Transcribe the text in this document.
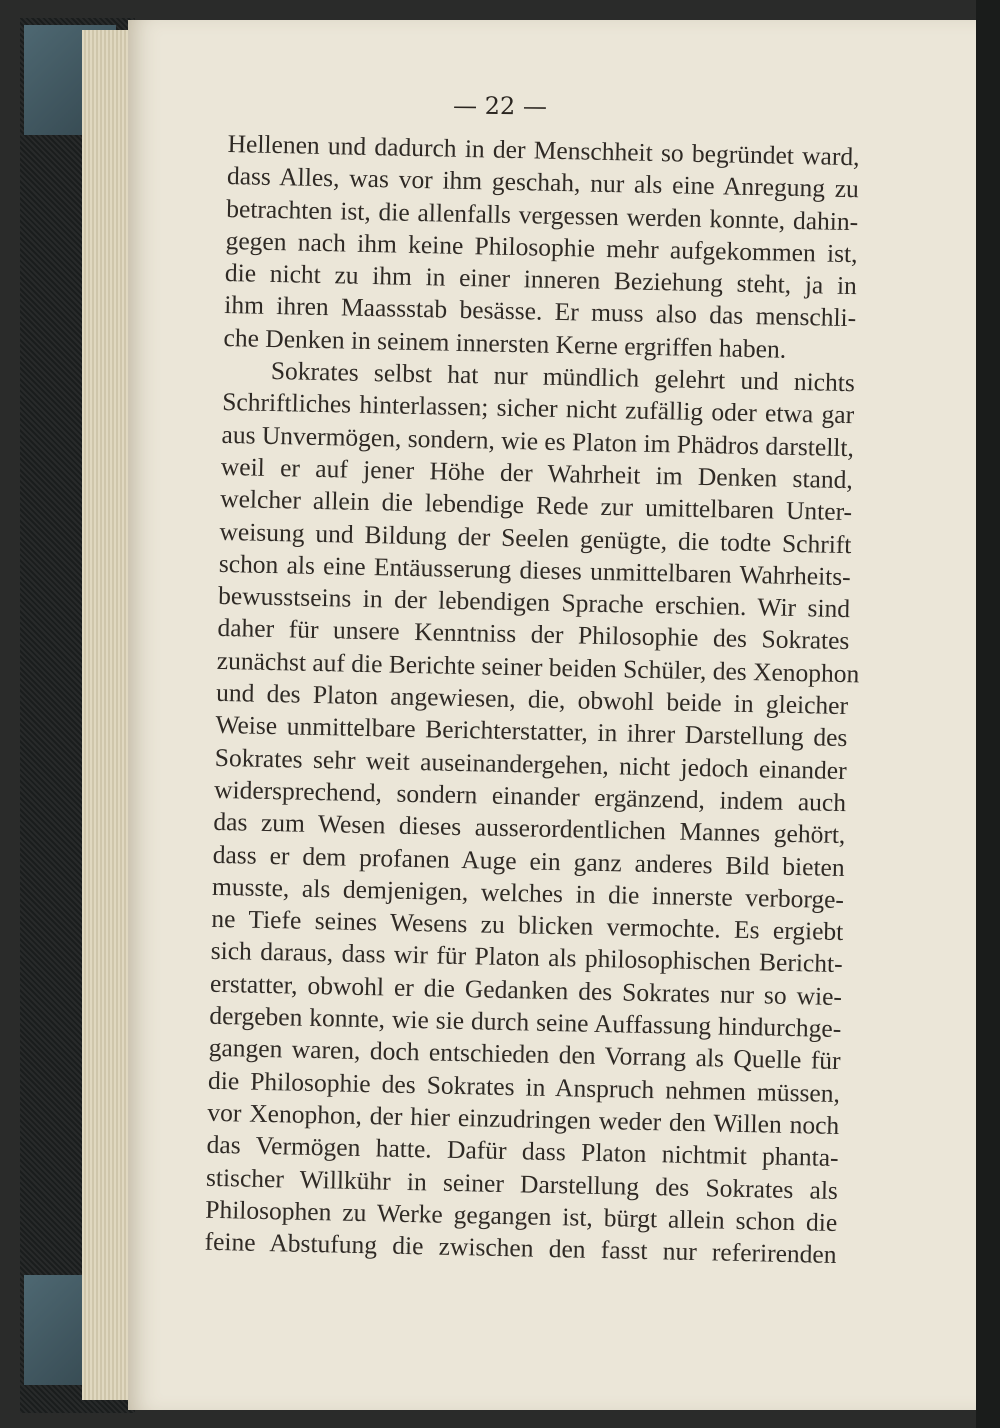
— 22 —
Hellenen und dadurch in der Menschheit so begründet ward,
dass Alles, was vor ihm geschah, nur als eine Anregung zu
betrachten ist, die allenfalls vergessen werden konnte, dahin-
gegen nach ihm keine Philosophie mehr aufgekommen ist,
die nicht zu ihm in einer inneren Beziehung steht, ja in
ihm ihren Maassstab besässe. Er muss also das menschli-
che Denken in seinem innersten Kerne ergriffen haben.
Sokrates selbst hat nur mündlich gelehrt und nichts
Schriftliches hinterlassen; sicher nicht zufällig oder etwa gar
aus Unvermögen, sondern, wie es Platon im Phädros darstellt,
weil er auf jener Höhe der Wahrheit im Denken stand,
welcher allein die lebendige Rede zur umittelbaren Unter-
weisung und Bildung der Seelen genügte, die todte Schrift
schon als eine Entäusserung dieses unmittelbaren Wahrheits-
bewusstseins in der lebendigen Sprache erschien. Wir sind
daher für unsere Kenntniss der Philosophie des Sokrates
zunächst auf die Berichte seiner beiden Schüler, des Xenophon
und des Platon angewiesen, die, obwohl beide in gleicher
Weise unmittelbare Berichterstatter, in ihrer Darstellung des
Sokrates sehr weit auseinandergehen, nicht jedoch einander
widersprechend, sondern einander ergänzend, indem auch
das zum Wesen dieses ausserordentlichen Mannes gehört,
dass er dem profanen Auge ein ganz anderes Bild bieten
musste, als demjenigen, welches in die innerste verborge-
ne Tiefe seines Wesens zu blicken vermochte. Es ergiebt
sich daraus, dass wir für Platon als philosophischen Bericht-
erstatter, obwohl er die Gedanken des Sokrates nur so wie-
dergeben konnte, wie sie durch seine Auffassung hindurchge-
gangen waren, doch entschieden den Vorrang als Quelle für
die Philosophie des Sokrates in Anspruch nehmen müssen,
vor Xenophon, der hier einzudringen weder den Willen noch
das Vermögen hatte. Dafür dass Platon nichtmit phanta-
stischer Willkühr in seiner Darstellung des Sokrates als
Philosophen zu Werke gegangen ist, bürgt allein schon die
feine Abstufung die zwischen den fasst nur referirenden
